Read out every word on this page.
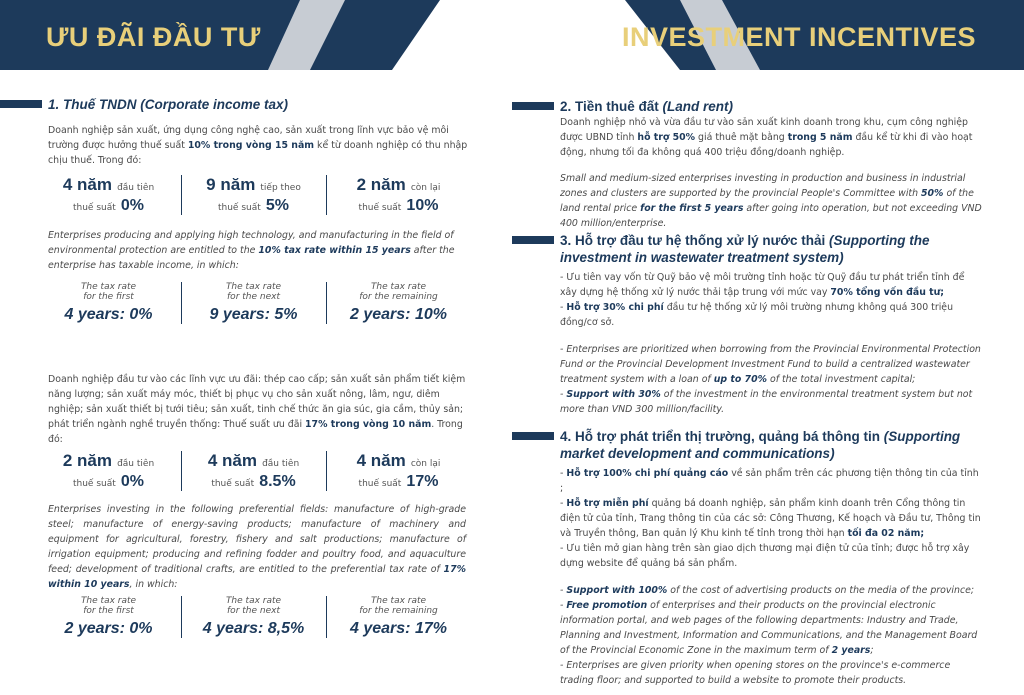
ƯU ĐÃI ĐẦU TƯ	INVESTMENT INCENTIVES
1. Thuế TNDN (Corporate income tax)

Doanh nghiệp sản xuất, ứng dụng công nghệ cao, sản xuất trong lĩnh vực bảo vệ môi trường được hưởng thuế suất 10% trong vòng 15 năm kể từ doanh nghiệp có thu nhập chịu thuế. Trong đó:

4 năm đầu tiên
thuế suất 0%
9 năm tiếp theo
thuế suất 5%
2 năm còn lại
thuế suất 10%
Enterprises producing and applying high technology, and manufacturing in the field of environmental protection are entitled to the 10% tax rate within 15 years after the enterprise has taxable income, in which:
The tax rate
for the first
4 years: 0%
The tax rate
for the next
9 years: 5%
The tax rate
for the remaining
2 years: 10%
Doanh nghiệp đầu tư vào các lĩnh vực ưu đãi: thép cao cấp; sản xuất sản phẩm tiết kiệm năng lượng; sản xuất máy móc, thiết bị phục vụ cho sản xuất nông, lâm, ngư, diêm nghiệp; sản xuất thiết bị tưới tiêu; sản xuất, tinh chế thức ăn gia súc, gia cầm, thủy sản; phát triển ngành nghề truyền thống: Thuế suất ưu đãi 17% trong vòng 10 năm. Trong đó:
2 năm đầu tiên
thuế suất 0%
4 năm đầu tiên
thuế suất 8.5%
4 năm còn lại
thuế suất 17%
Enterprises investing in the following preferential fields: manufacture of high-grade steel; manufacture of energy-saving products; manufacture of machinery and equipment for agricultural, forestry, fishery and salt productions; manufacture of irrigation equipment; producing and refining fodder and poultry food, and aquaculture feed; development of traditional crafts, are entitled to the preferential tax rate of 17% within 10 years, in which:
The tax rate
for the first
2 years: 0%
The tax rate
for the next
4 years: 8,5%
The tax rate
for the remaining
4 years: 17%
2. Tiền thuê đất (Land rent)

Doanh nghiệp nhỏ và vừa đầu tư vào sản xuất kinh doanh trong khu, cụm công nghiệp được UBND tỉnh hỗ trợ 50% giá thuê mặt bằng trong 5 năm đầu kể từ khi đi vào hoạt động, nhưng tối đa không quá 400 triệu đồng/doanh nghiệp.

Small and medium-sized enterprises investing in production and business in industrial zones and clusters are supported by the provincial People's Committee with 50% of the land rental price for the first 5 years after going into operation, but not exceeding VND 400 million/enterprise.

3. Hỗ trợ đầu tư hệ thống xử lý nước thải (Supporting the investment in wastewater treatment system)

- Ưu tiên vay vốn từ Quỹ bảo vệ môi trường tỉnh hoặc từ Quỹ đầu tư phát triển tỉnh để xây dựng hệ thống xử lý nước thải tập trung với mức vay 70% tổng vốn đầu tư;

- Hỗ trợ 30% chi phí đầu tư hệ thống xử lý môi trường nhưng không quá 300 triệu đồng/cơ sở.

- Enterprises are prioritized when borrowing from the Provincial Environmental Protection Fund or the Provincial Development Investment Fund to build a centralized wastewater treatment system with a loan of up to 70% of the total investment capital;

- Support with 30% of the investment in the environmental treatment system but not more than VND 300 million/facility.

4. Hỗ trợ phát triển thị trường, quảng bá thông tin (Supporting market development and communications)

- Hỗ trợ 100% chi phí quảng cáo về sản phẩm trên các phương tiện thông tin của tỉnh ;

- Hỗ trợ miễn phí quảng bá doanh nghiệp, sản phẩm kinh doanh trên Cổng thông tin điện tử của tỉnh, Trang thông tin của các sở: Công Thương, Kế hoạch và Đầu tư, Thông tin và Truyền thông, Ban quản lý Khu kinh tế tỉnh trong thời hạn tối đa 02 năm;

- Ưu tiên mở gian hàng trên sàn giao dịch thương mại điện tử của tỉnh; được hỗ trợ xây dựng website để quảng bá sản phẩm.

- Support with 100% of the cost of advertising products on the media of the province;

- Free promotion of enterprises and their products on the provincial electronic information portal, and web pages of the following departments: Industry and Trade, Planning and Investment, Information and Communications, and the Management Board of the Provincial Economic Zone in the maximum term of 2 years;

- Enterprises are given priority when opening stores on the province's e-commerce trading floor; and supported to build a website to promote their products.
